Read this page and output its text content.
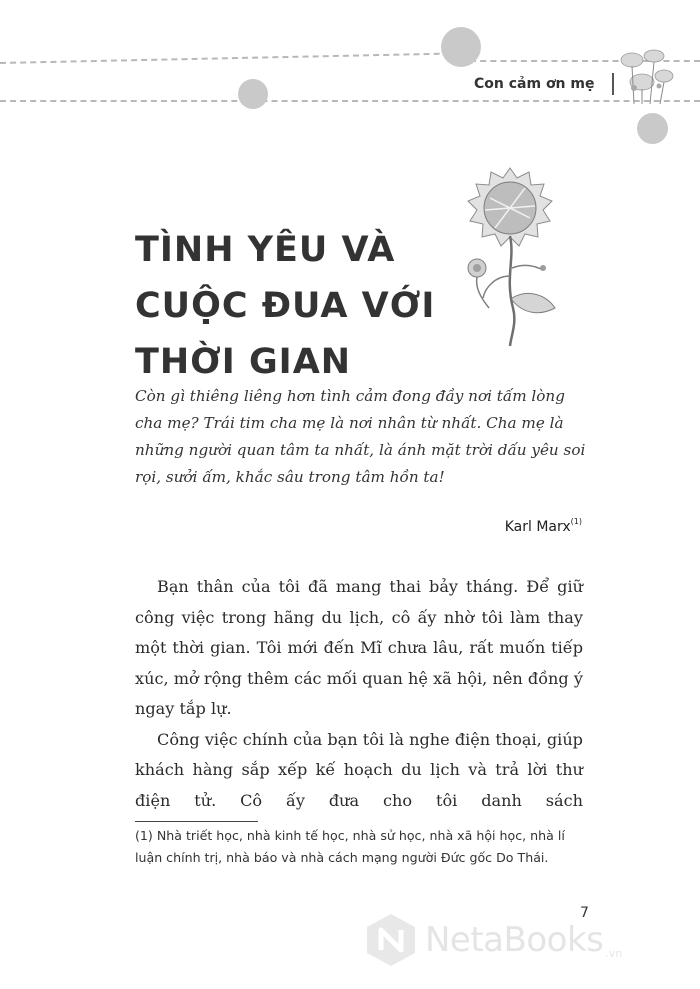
Con cảm ơn mẹ
TÌNH YÊU VÀ
CUỘC ĐUA VỚI
THỜI GIAN
Còn gì thiêng liêng hơn tình cảm đong đầy nơi tấm lòng cha mẹ? Trái tim cha mẹ là nơi nhân từ nhất. Cha mẹ là những người quan tâm ta nhất, là ánh mặt trời dấu yêu soi rọi, sưởi ấm, khắc sâu trong tâm hồn ta!
Karl Marx$^{(1)}$

Bạn thân của tôi đã mang thai bảy tháng. Để giữ công việc trong hãng du lịch, cô ấy nhờ tôi làm thay một thời gian. Tôi mới đến Mĩ chưa lâu, rất muốn tiếp xúc, mở rộng thêm các mối quan hệ xã hội, nên đồng ý ngay tắp lự.

Công việc chính của bạn tôi là nghe điện thoại, giúp khách hàng sắp xếp kế hoạch du lịch và trả lời thư điện tử. Cô ấy đưa cho tôi danh sách

(1) Nhà triết học, nhà kinh tế học, nhà sử học, nhà xã hội học, nhà lí luận chính trị, nhà báo và nhà cách mạng người Đức gốc Do Thái.
7
NetaBooks .vn
